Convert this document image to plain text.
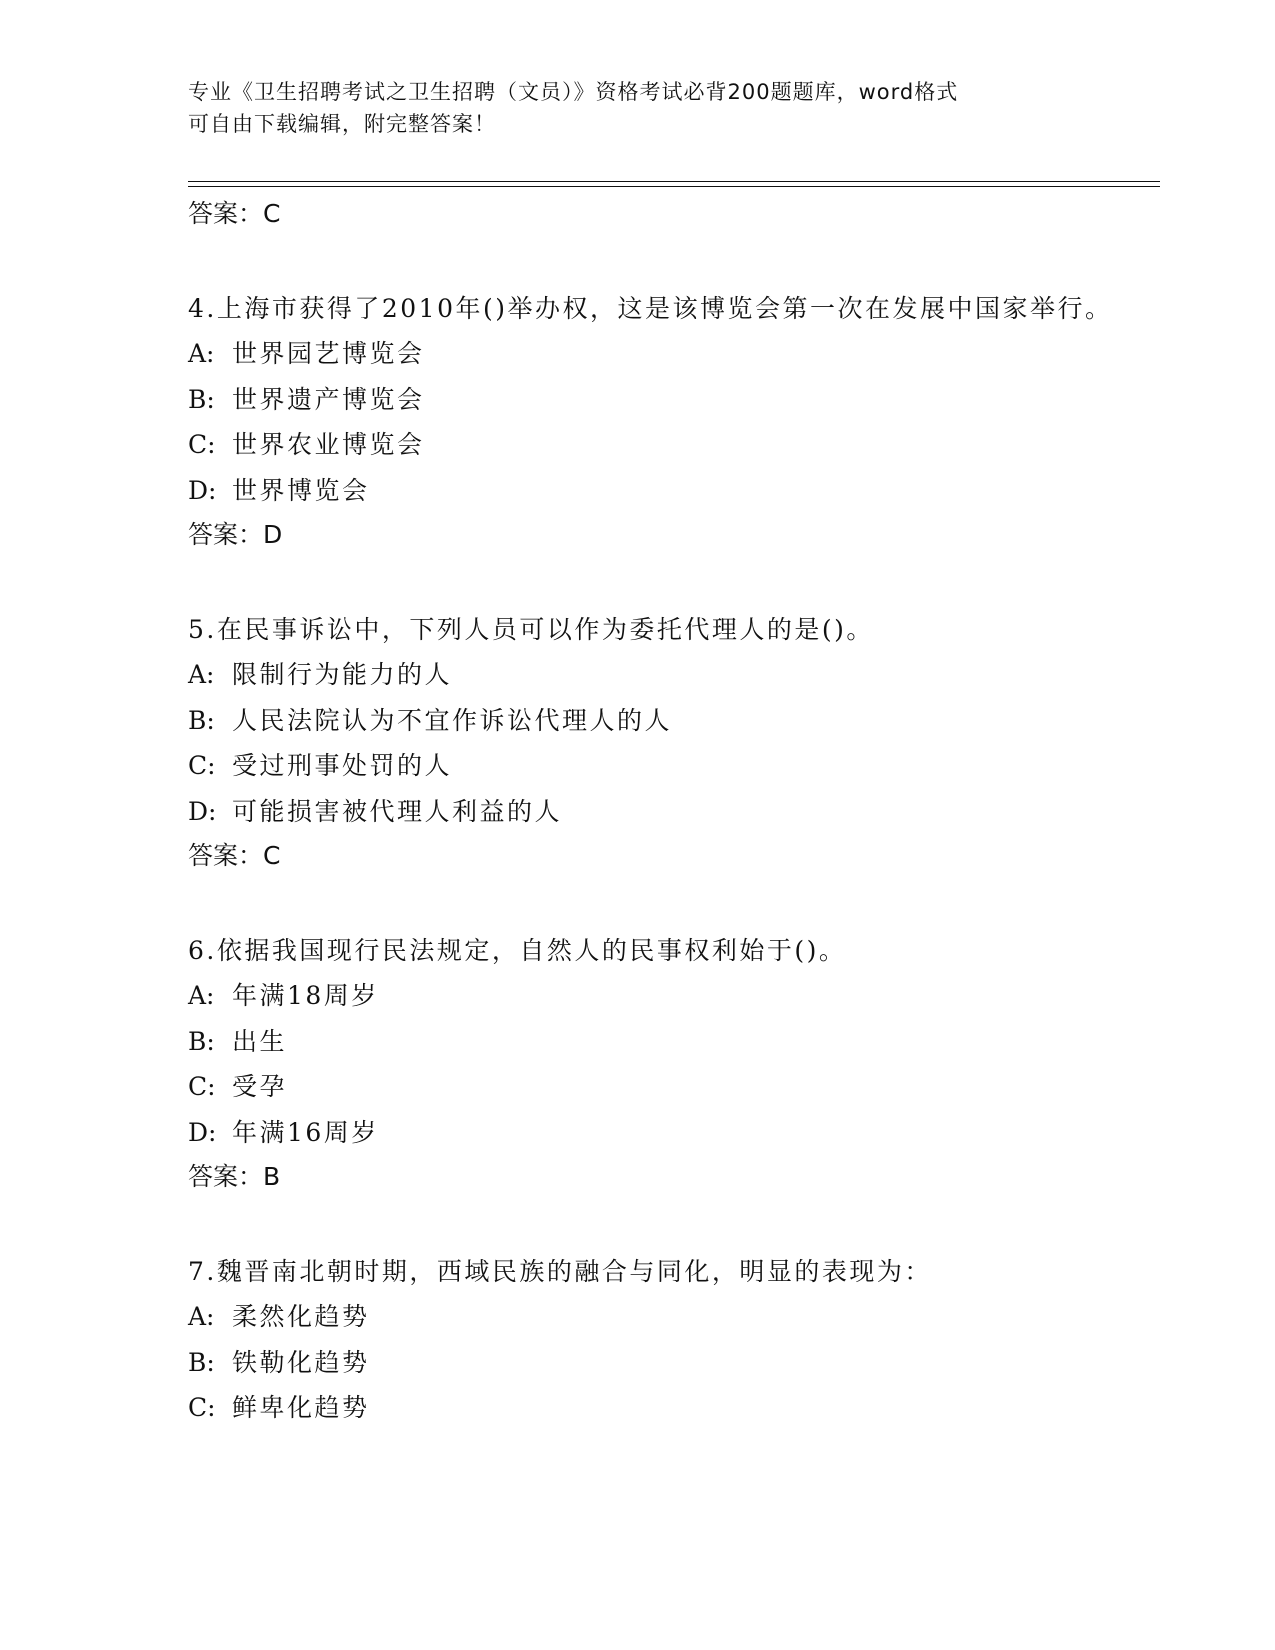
专业《卫生招聘考试之卫生招聘（文员）》资格考试必背200题题库，word格式
可自由下载编辑，附完整答案！
答案：C
4.上海市获得了2010年()举办权，这是该博览会第一次在发展中国家举行。
A: 世界园艺博览会
B: 世界遗产博览会
C: 世界农业博览会
D: 世界博览会
答案：D
5.在民事诉讼中，下列人员可以作为委托代理人的是()。
A: 限制行为能力的人
B: 人民法院认为不宜作诉讼代理人的人
C: 受过刑事处罚的人
D: 可能损害被代理人利益的人
答案：C
6.依据我国现行民法规定，自然人的民事权利始于()。
A: 年满18周岁
B: 出生
C: 受孕
D: 年满16周岁
答案：B
7.魏晋南北朝时期，西域民族的融合与同化，明显的表现为：
A: 柔然化趋势
B: 铁勒化趋势
C: 鲜卑化趋势
